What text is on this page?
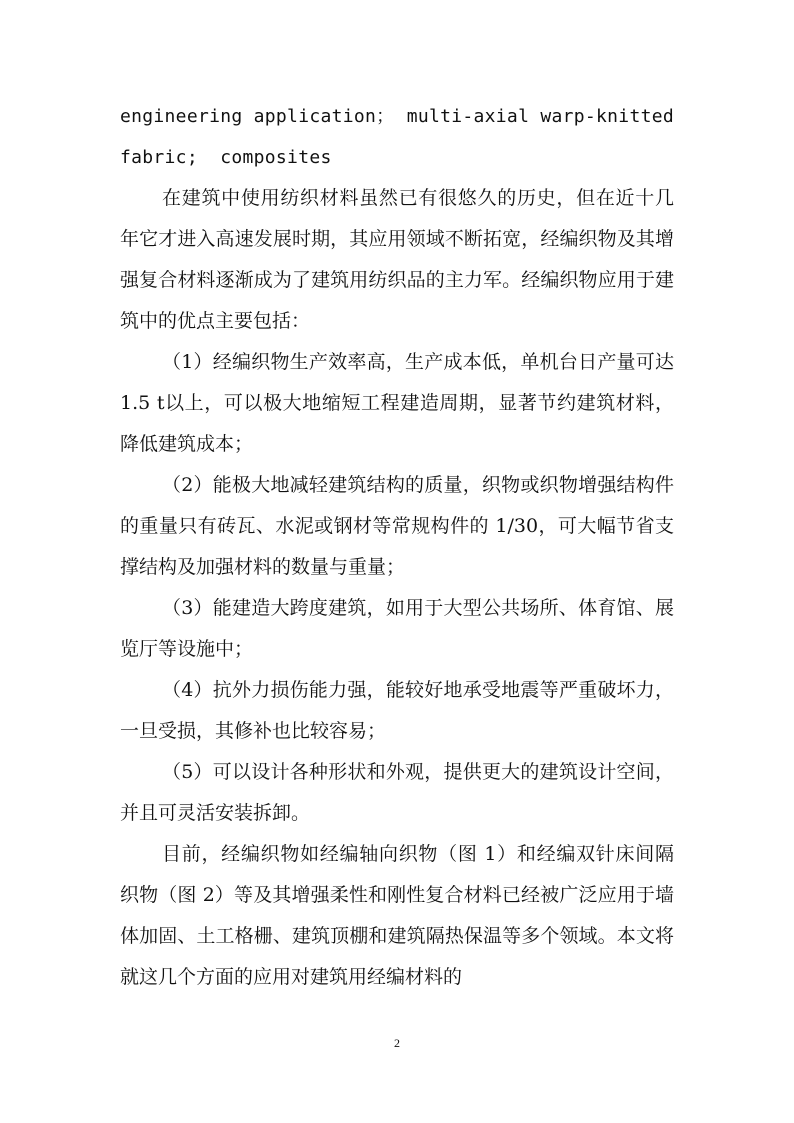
engineering application； multi-axial warp-knitted
fabric;  composites

在建筑中使用纺织材料虽然已有很悠久的历史，但在近十几年它才进入高速发展时期，其应用领域不断拓宽，经编织物及其增强复合材料逐渐成为了建筑用纺织品的主力军。经编织物应用于建筑中的优点主要包括：

（1）经编织物生产效率高，生产成本低，单机台日产量可达1.5 t以上，可以极大地缩短工程建造周期，显著节约建筑材料，降低建筑成本；

（2）能极大地减轻建筑结构的质量，织物或织物增强结构件的重量只有砖瓦、水泥或钢材等常规构件的 1/30，可大幅节省支撑结构及加强材料的数量与重量；

（3）能建造大跨度建筑，如用于大型公共场所、体育馆、展览厅等设施中；

（4）抗外力损伤能力强，能较好地承受地震等严重破坏力，一旦受损，其修补也比较容易；

（5）可以设计各种形状和外观，提供更大的建筑设计空间，并且可灵活安装拆卸。

目前，经编织物如经编轴向织物（图 1）和经编双针床间隔织物（图 2）等及其增强柔性和刚性复合材料已经被广泛应用于墙体加固、土工格栅、建筑顶棚和建筑隔热保温等多个领域。本文将就这几个方面的应用对建筑用经编材料的

2
